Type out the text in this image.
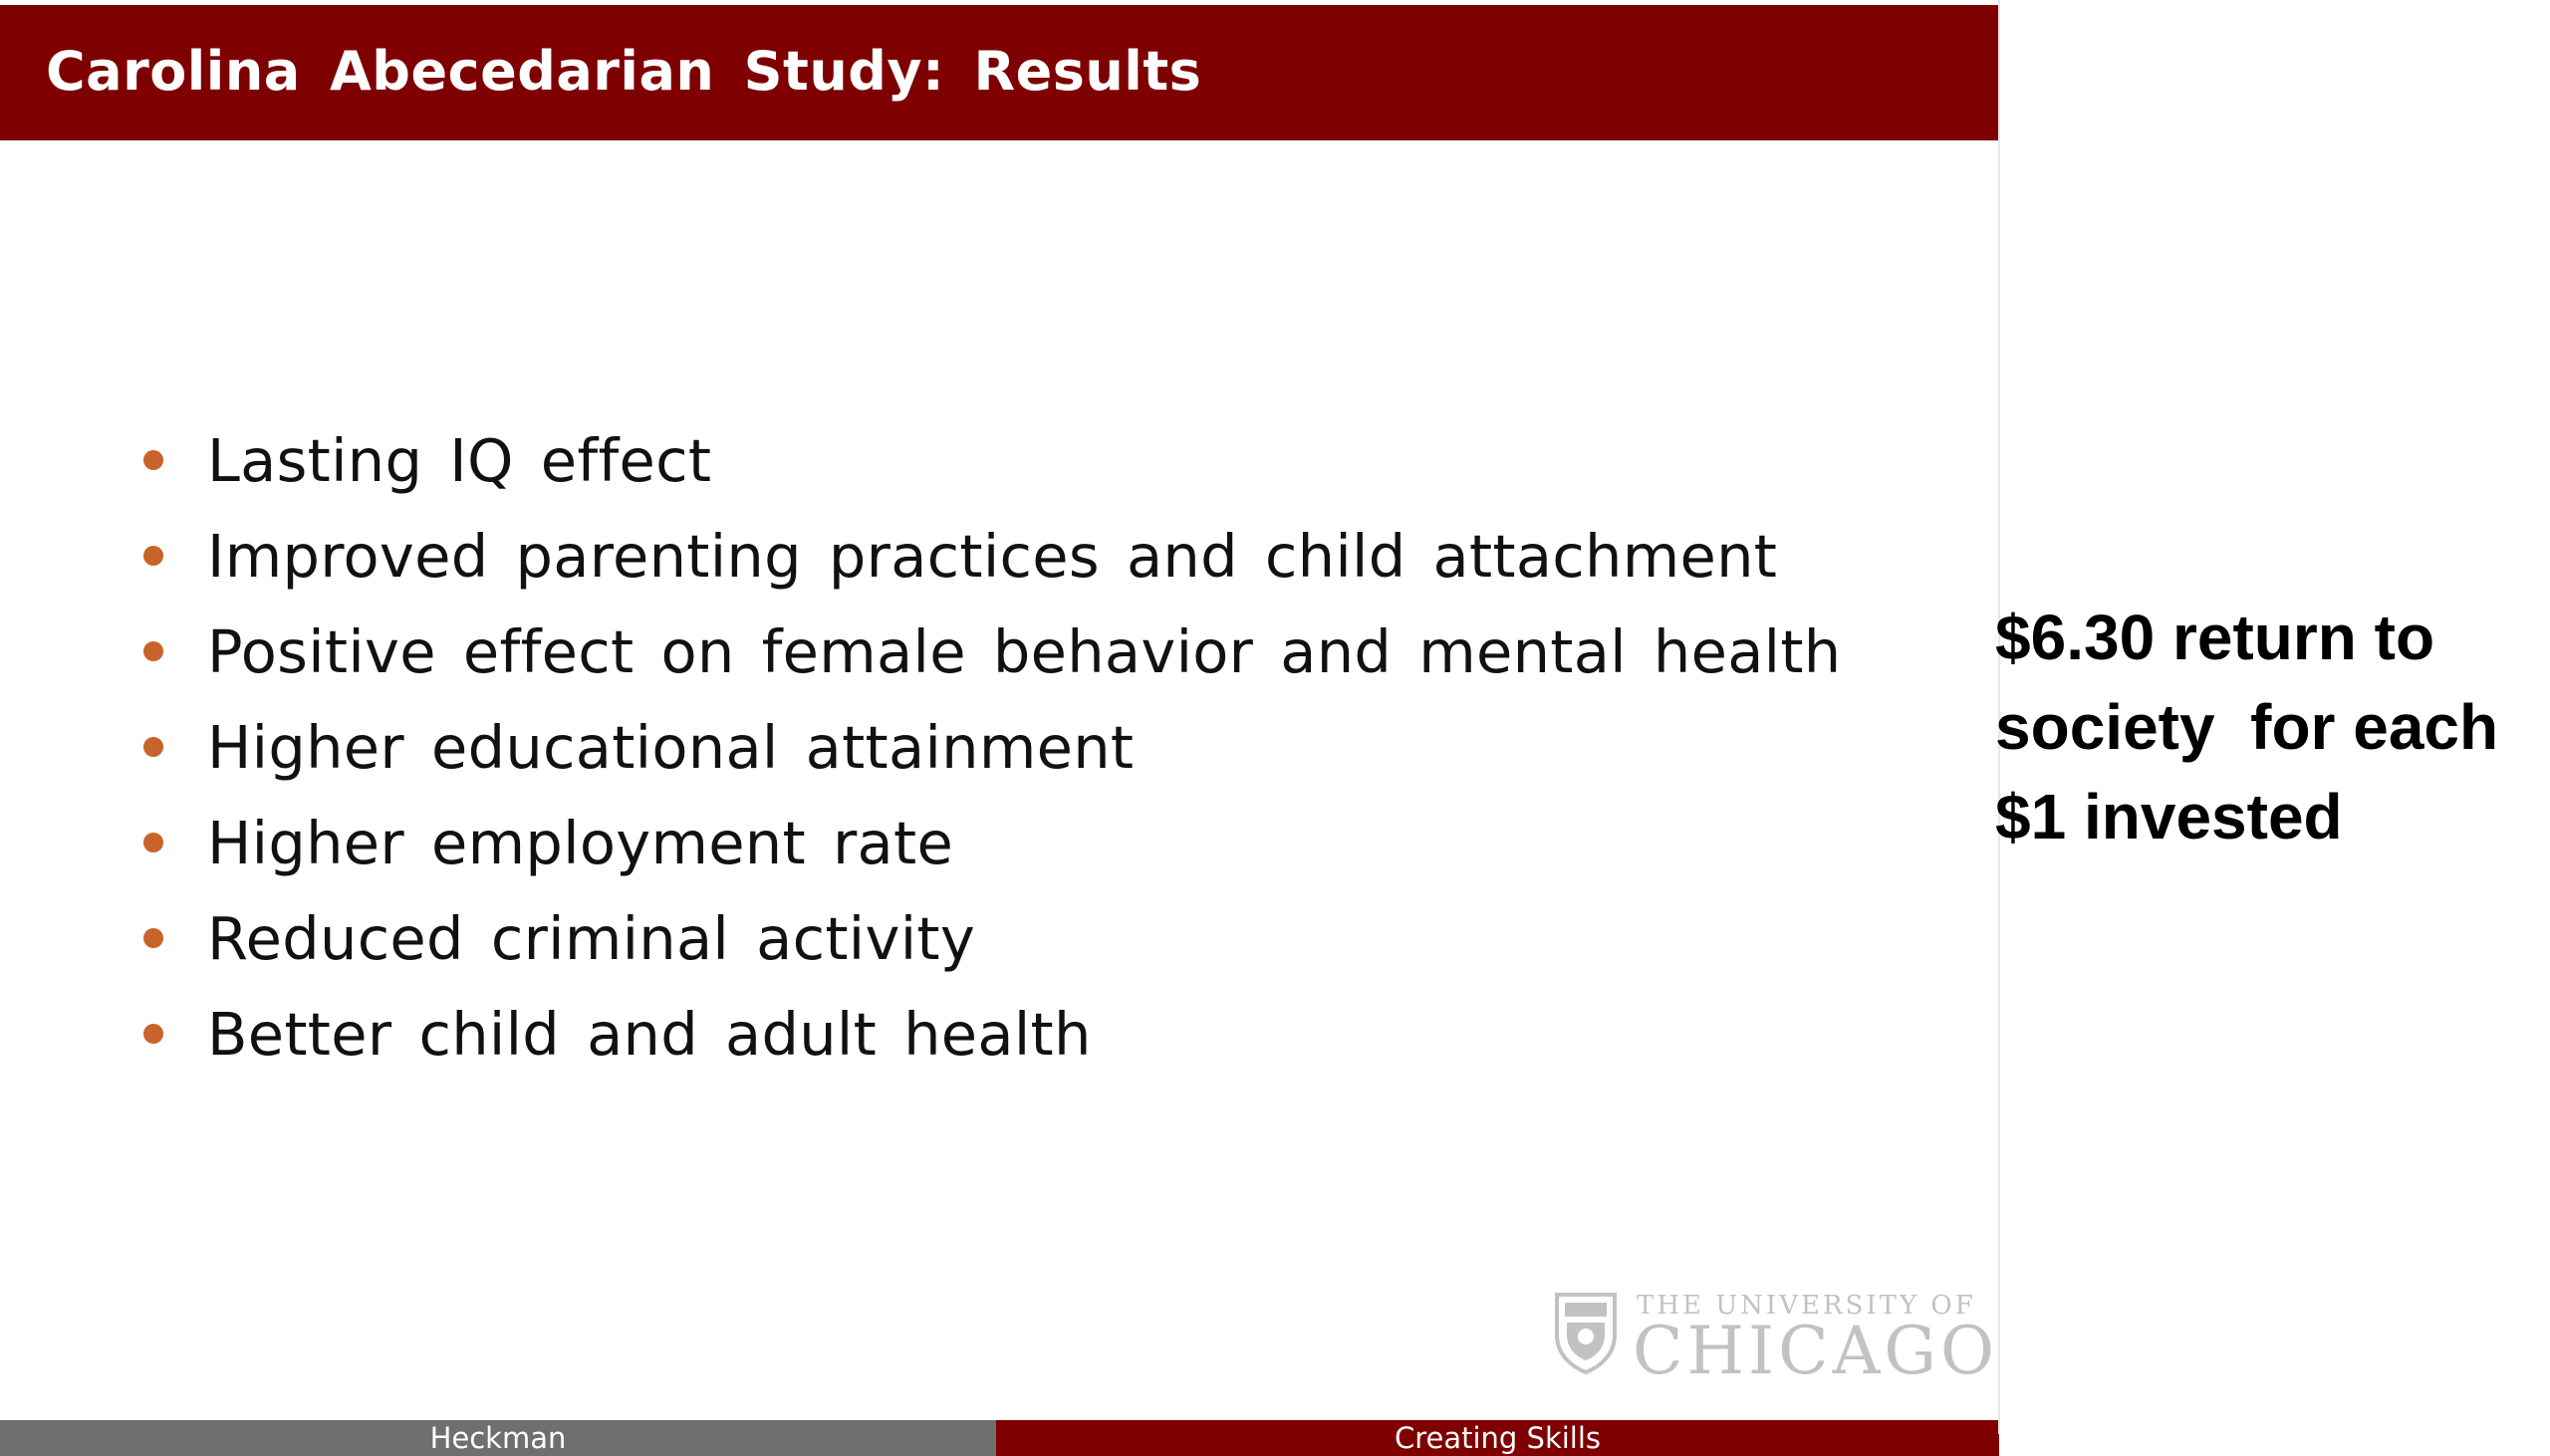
Carolina Abecedarian Study: Results
Lasting IQ effect
Improved parenting practices and child attachment
Positive effect on female behavior and mental health
Higher educational attainment
Higher employment rate
Reduced criminal activity
Better child and adult health
THE UNIVERSITY OF
CHICAGO
Heckman	Creating Skills
$6.30 return to
society  for each
$1 invested
